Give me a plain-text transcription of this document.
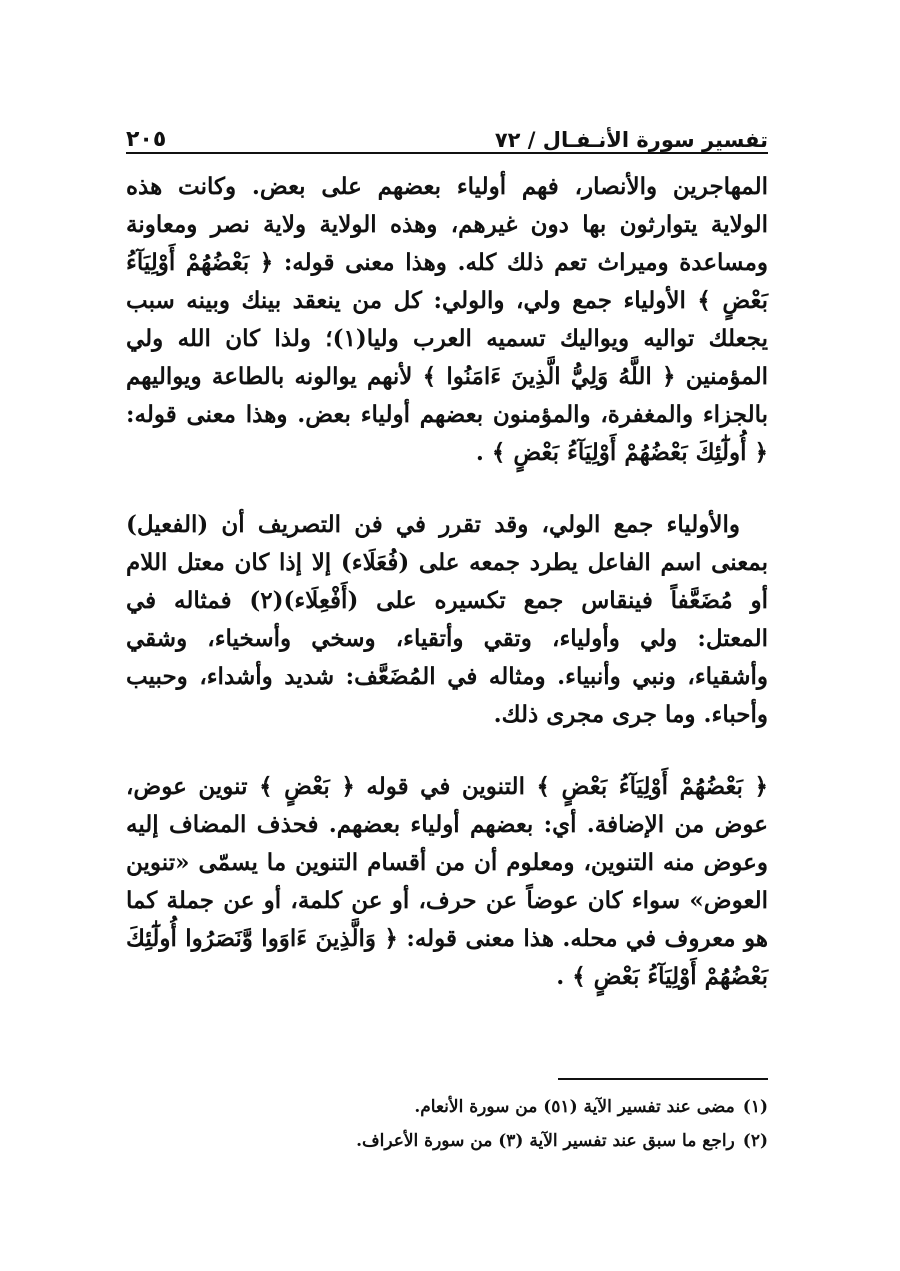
تفسير سورة الأنـفـال / ٧٢
٢٠٥

المهاجرين والأنصار، فهم أولياء بعضهم على بعض. وكانت هذه الولاية يتوارثون بها دون غيرهم، وهذه الولاية ولاية نصر ومعاونة ومساعدة وميراث تعم ذلك كله. وهذا معنى قوله: ﴿ بَعْضُهُمْ أَوْلِيَآءُ بَعْضٍ ﴾ الأولياء جمع ولي، والولي: كل من ينعقد بينك وبينه سبب يجعلك تواليه ويواليك تسميه العرب وليا(١)؛ ولذا كان الله ولي المؤمنين ﴿ اللَّهُ وَلِيُّ الَّذِينَ ءَامَنُوا ﴾ لأنهم يوالونه بالطاعة ويواليهم بالجزاء والمغفرة، والمؤمنون بعضهم أولياء بعض. وهذا معنى قوله: ﴿ أُولَٰٓئِكَ بَعْضُهُمْ أَوْلِيَآءُ بَعْضٍ ﴾ .

والأولياء جمع الولي، وقد تقرر في فن التصريف أن (الفعيل) بمعنى اسم الفاعل يطرد جمعه على (فُعَلَاء) إلا إذا كان معتل اللام أو مُضَعَّفاً فينقاس جمع تكسيره على (أَفْعِلَاء)(٢) فمثاله في المعتل: ولي وأولياء، وتقي وأتقياء، وسخي وأسخياء، وشقي وأشقياء، ونبي وأنبياء. ومثاله في المُضَعَّف: شديد وأشداء، وحبيب وأحباء. وما جرى مجرى ذلك.

﴿ بَعْضُهُمْ أَوْلِيَآءُ بَعْضٍ ﴾ التنوين في قوله ﴿ بَعْضٍ ﴾ تنوين عوض، عوض من الإضافة. أي: بعضهم أولياء بعضهم. فحذف المضاف إليه وعوض منه التنوين، ومعلوم أن من أقسام التنوين ما يسمّى «تنوين العوض» سواء كان عوضاً عن حرف، أو عن كلمة، أو عن جملة كما هو معروف في محله. هذا معنى قوله: ﴿ وَالَّذِينَ ءَاوَوا وَّنَصَرُوا أُولَٰٓئِكَ بَعْضُهُمْ أَوْلِيَآءُ بَعْضٍ ﴾ .

(١)مضى عند تفسير الآية (٥١) من سورة الأنعام.
(٢)راجع ما سبق عند تفسير الآية (٣) من سورة الأعراف.
